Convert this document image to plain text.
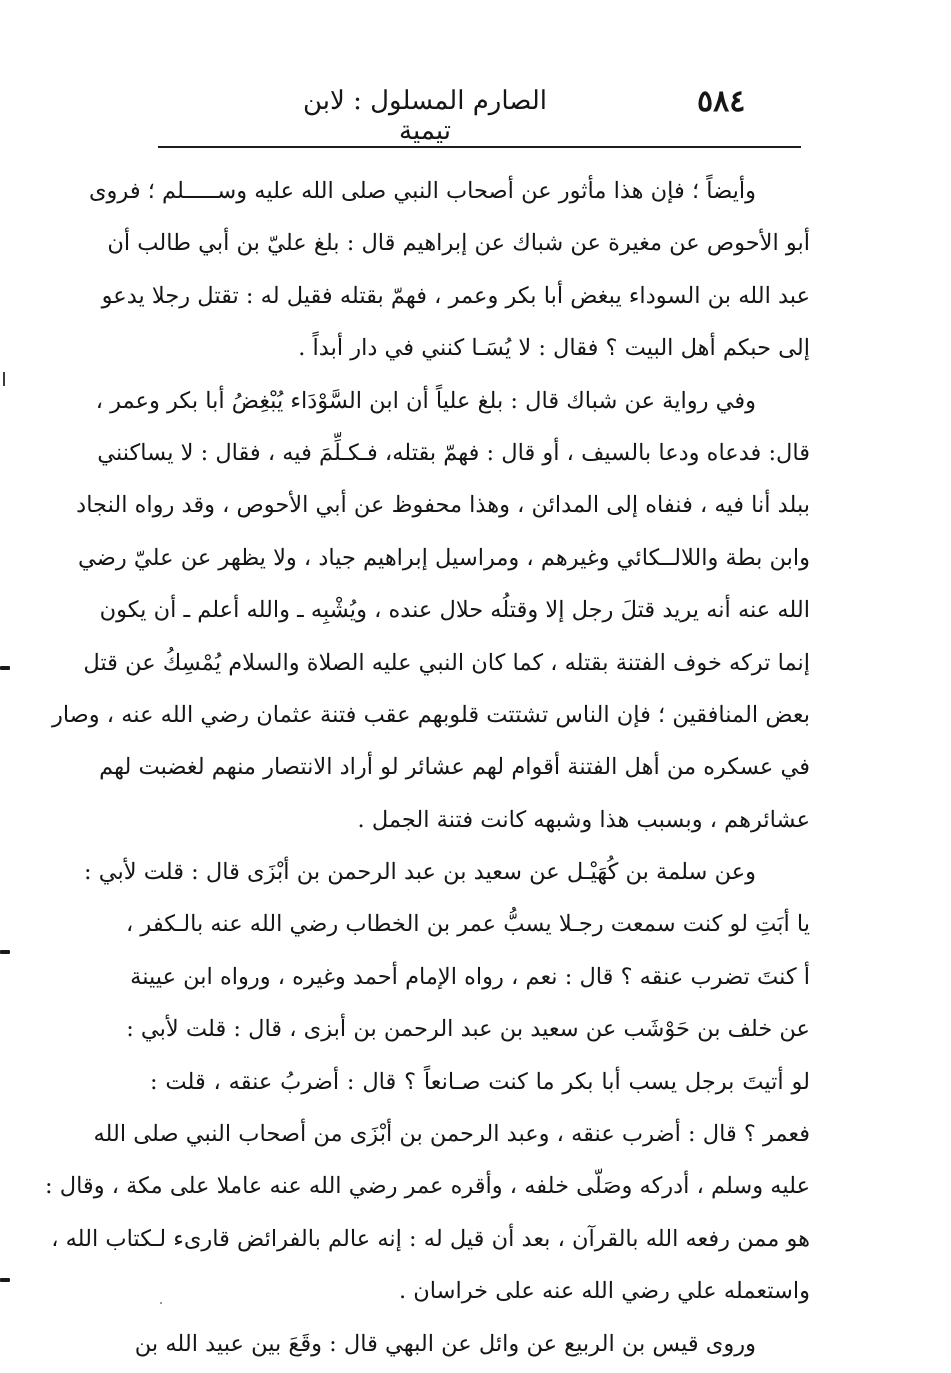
٥٨٤
الصارم المسلول : لابن تيمية
وأيضاً ؛ فإن هذا مأثور عن أصحاب النبي صلى الله عليه وســـــلم ؛ فروى
أبو الأحوص عن مغيرة عن شباك عن إبراهيم قال : بلغ عليّ بن أبي طالب أن
عبد الله بن السوداء يبغض أبا بكر وعمر ، فهمّ بقتله فقيل له : تقتل رجلا يدعو
إلى حبكم أهل البيت ؟ فقال : لا يُسَـا كنني في دار أبداً .
وفي رواية عن شباك قال : بلغ علياً أن ابن السَّوْدَاء يُبْغِضُ أبا بكر وعمر ،
قال: فدعاه ودعا بالسيف ، أو قال : فهمّ بقتله، فـكـلِّمَ فيه ، فقال : لا يساكنني
ببلد أنا فيه ، فنفاه إلى المدائن ، وهذا محفوظ عن أبي الأحوص ، وقد رواه النجاد
وابن بطة واللالــكائي وغيرهم ، ومراسيل إبراهيم جياد ، ولا يظهر عن عليّ رضي
الله عنه أنه يريد قتلَ رجل إلا وقتلُه حلال عنده ، ويُشْبِه ـ والله أعلم ـ أن يكون
إنما تركه خوف الفتنة بقتله ، كما كان النبي عليه الصلاة والسلام يُمْسِكُ عن قتل
بعض المنافقين ؛ فإن الناس تشتتت قلوبهم عقب فتنة عثمان رضي الله عنه ، وصار
في عسكره من أهل الفتنة أقوام لهم عشائر لو أراد الانتصار منهم لغضبت لهم
عشائرهم ، وبسبب هذا وشبهه كانت فتنة الجمل .
وعن سلمة بن كُهَيْـل عن سعيد بن عبد الرحمن بن أبْزَى قال : قلت لأبي :
يا أبَتِ لو كنت سمعت رجـلا يسبُّ عمر بن الخطاب رضي الله عنه بالـكفر ،
أ كنتَ تضرب عنقه ؟ قال : نعم ، رواه الإمام أحمد وغيره ، ورواه ابن عيينة
عن خلف بن حَوْشَب عن سعيد بن عبد الرحمن بن أبزى ، قال : قلت لأبي :
لو أتيتَ برجل يسب أبا بكر ما كنت صـانعاً ؟ قال : أضربُ عنقه ، قلت :
فعمر ؟ قال : أضرب عنقه ، وعبد الرحمن بن أبْزَى من أصحاب النبي صلى الله
عليه وسلم ، أدركه وصَلّى خلفه ، وأقره عمر رضي الله عنه عاملا على مكة ، وقال :
هو ممن رفعه الله بالقرآن ، بعد أن قيل له : إنه عالم بالفرائض قارىء لـكتاب الله ،
واستعمله علي رضي الله عنه على خراسان .
وروى قيس بن الربيع عن وائل عن البهي قال : وقَعَ بين عبيد الله بن
